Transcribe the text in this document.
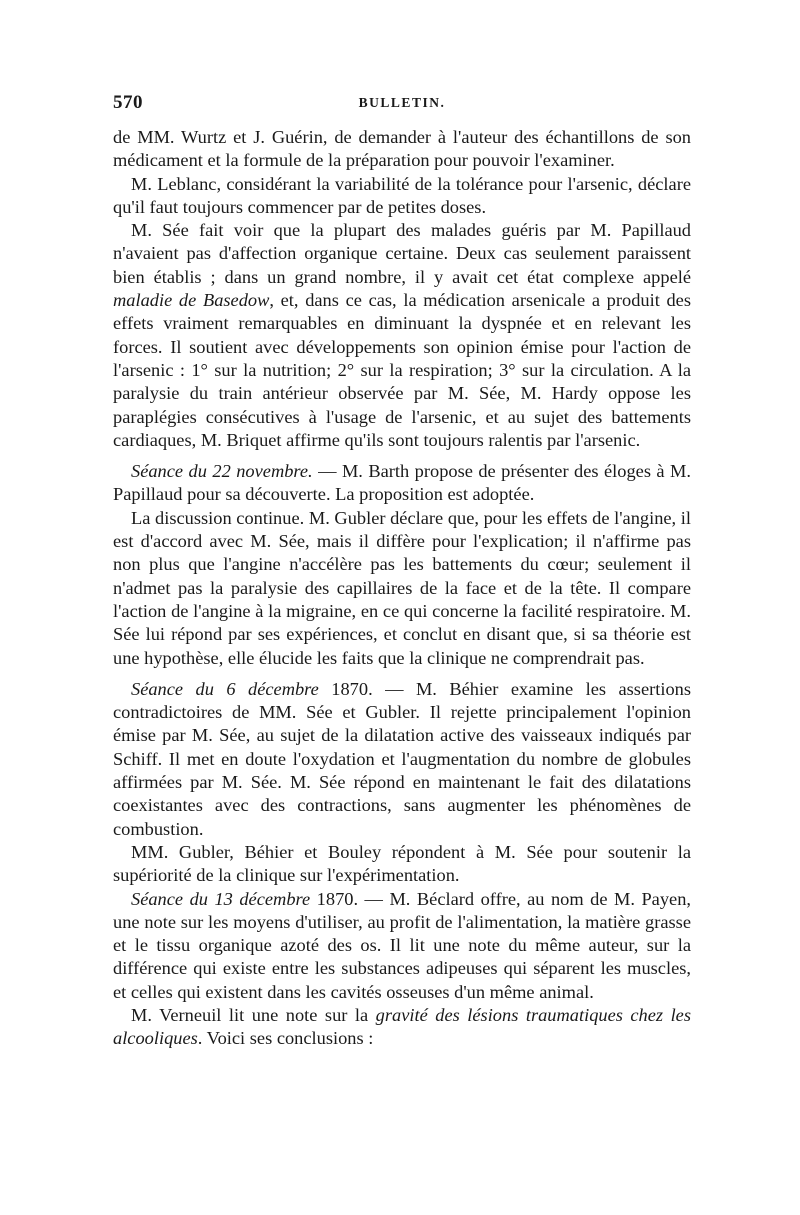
570	BULLETIN.

de MM. Wurtz et J. Guérin, de demander à l'auteur des échantillons de son médicament et la formule de la préparation pour pouvoir l'examiner.

M. Leblanc, considérant la variabilité de la tolérance pour l'arsenic, déclare qu'il faut toujours commencer par de petites doses.

M. Sée fait voir que la plupart des malades guéris par M. Papillaud n'avaient pas d'affection organique certaine. Deux cas seulement paraissent bien établis ; dans un grand nombre, il y avait cet état complexe appelé maladie de Basedow, et, dans ce cas, la médication arsenicale a produit des effets vraiment remarquables en diminuant la dyspnée et en relevant les forces. Il soutient avec développements son opinion émise pour l'action de l'arsenic : 1° sur la nutrition; 2° sur la respiration; 3° sur la circulation. A la paralysie du train antérieur observée par M. Sée, M. Hardy oppose les paraplégies consécutives à l'usage de l'arsenic, et au sujet des battements cardiaques, M. Briquet affirme qu'ils sont toujours ralentis par l'arsenic.

Séance du 22 novembre. — M. Barth propose de présenter des éloges à M. Papillaud pour sa découverte. La proposition est adoptée.

La discussion continue. M. Gubler déclare que, pour les effets de l'angine, il est d'accord avec M. Sée, mais il diffère pour l'explication; il n'affirme pas non plus que l'angine n'accélère pas les battements du cœur; seulement il n'admet pas la paralysie des capillaires de la face et de la tête. Il compare l'action de l'angine à la migraine, en ce qui concerne la facilité respiratoire. M. Sée lui répond par ses expériences, et conclut en disant que, si sa théorie est une hypothèse, elle élucide les faits que la clinique ne comprendrait pas.

Séance du 6 décembre 1870. — M. Béhier examine les assertions contradictoires de MM. Sée et Gubler. Il rejette principalement l'opinion émise par M. Sée, au sujet de la dilatation active des vaisseaux indiqués par Schiff. Il met en doute l'oxydation et l'augmentation du nombre de globules affirmées par M. Sée. M. Sée répond en maintenant le fait des dilatations coexistantes avec des contractions, sans augmenter les phénomènes de combustion.

MM. Gubler, Béhier et Bouley répondent à M. Sée pour soutenir la supériorité de la clinique sur l'expérimentation.

Séance du 13 décembre 1870. — M. Béclard offre, au nom de M. Payen, une note sur les moyens d'utiliser, au profit de l'alimentation, la matière grasse et le tissu organique azoté des os. Il lit une note du même auteur, sur la différence qui existe entre les substances adipeuses qui séparent les muscles, et celles qui existent dans les cavités osseuses d'un même animal.

M. Verneuil lit une note sur la gravité des lésions traumatiques chez les alcooliques. Voici ses conclusions :
